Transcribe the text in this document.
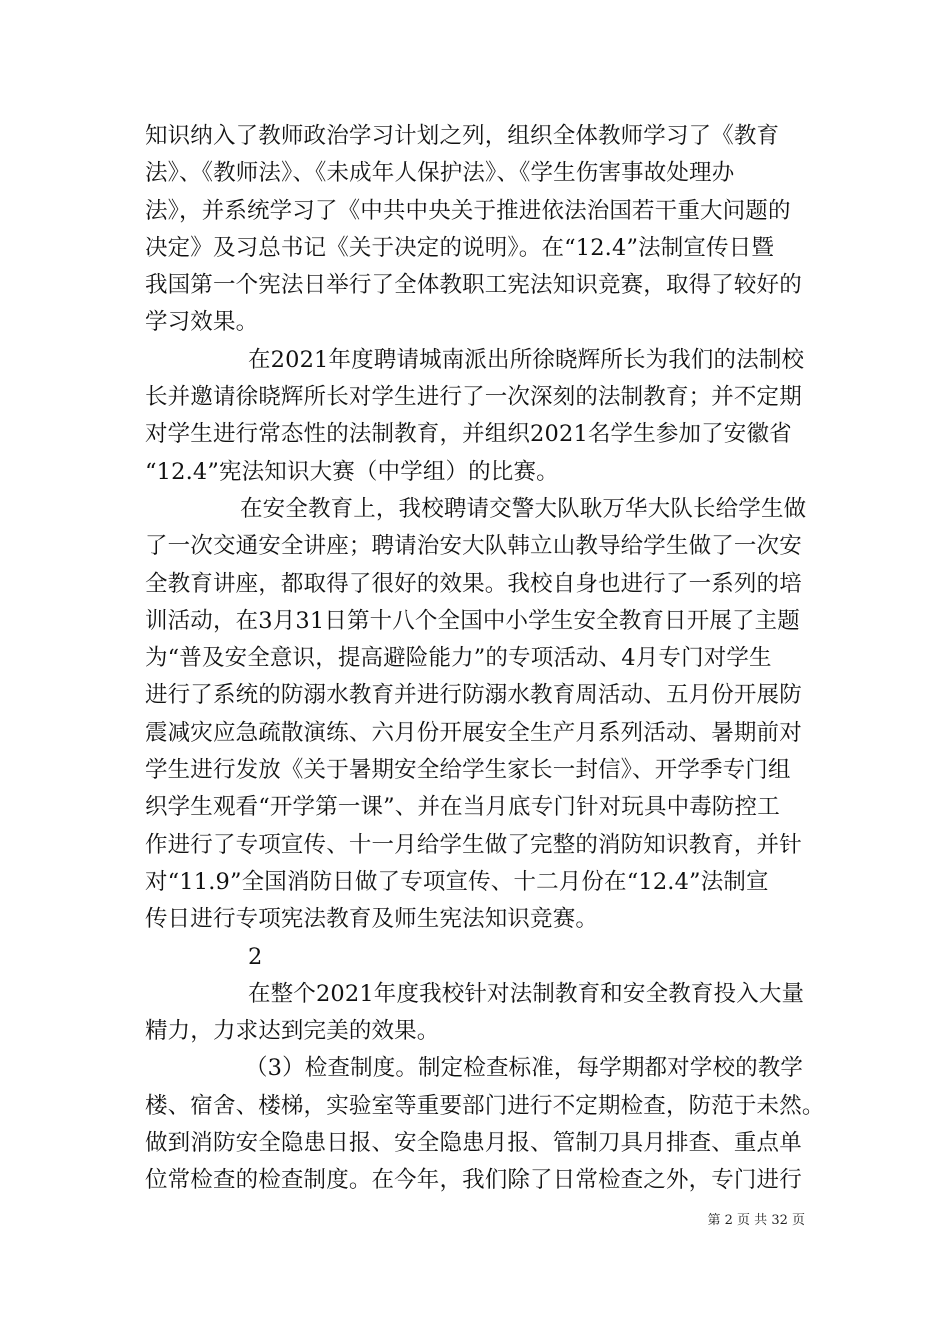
知识纳入了教师政治学习计划之列，组织全体教师学习了《教育
法》、《教师法》、《未成年人保护法》、《学生伤害事故处理办
法》，并系统学习了《中共中央关于推进依法治国若干重大问题的
决定》及习总书记《关于决定的说明》。在“12.4”法制宣传日暨
我国第一个宪法日举行了全体教职工宪法知识竞赛，取得了较好的
学习效果。
在2021年度聘请城南派出所徐晓辉所长为我们的法制校
长并邀请徐晓辉所长对学生进行了一次深刻的法制教育；并不定期
对学生进行常态性的法制教育，并组织2021名学生参加了安徽省
“12.4”宪法知识大赛（中学组）的比赛。
在安全教育上，我校聘请交警大队耿万华大队长给学生做
了一次交通安全讲座；聘请治安大队韩立山教导给学生做了一次安
全教育讲座，都取得了很好的效果。我校自身也进行了一系列的培
训活动，在3月31日第十八个全国中小学生安全教育日开展了主题
为“普及安全意识，提高避险能力”的专项活动、4月专门对学生
进行了系统的防溺水教育并进行防溺水教育周活动、五月份开展防
震减灾应急疏散演练、六月份开展安全生产月系列活动、暑期前对
学生进行发放《关于暑期安全给学生家长一封信》、开学季专门组
织学生观看“开学第一课”、并在当月底专门针对玩具中毒防控工
作进行了专项宣传、十一月给学生做了完整的消防知识教育，并针
对“11.9”全国消防日做了专项宣传、十二月份在“12.4”法制宣
传日进行专项宪法教育及师生宪法知识竞赛。
2
在整个2021年度我校针对法制教育和安全教育投入大量
精力，力求达到完美的效果。
（3）检查制度。制定检查标准，每学期都对学校的教学
楼、宿舍、楼梯，实验室等重要部门进行不定期检查，防范于未然。
做到消防安全隐患日报、安全隐患月报、管制刀具月排查、重点单
位常检查的检查制度。在今年，我们除了日常检查之外，专门进行
第 2 页 共 32 页
